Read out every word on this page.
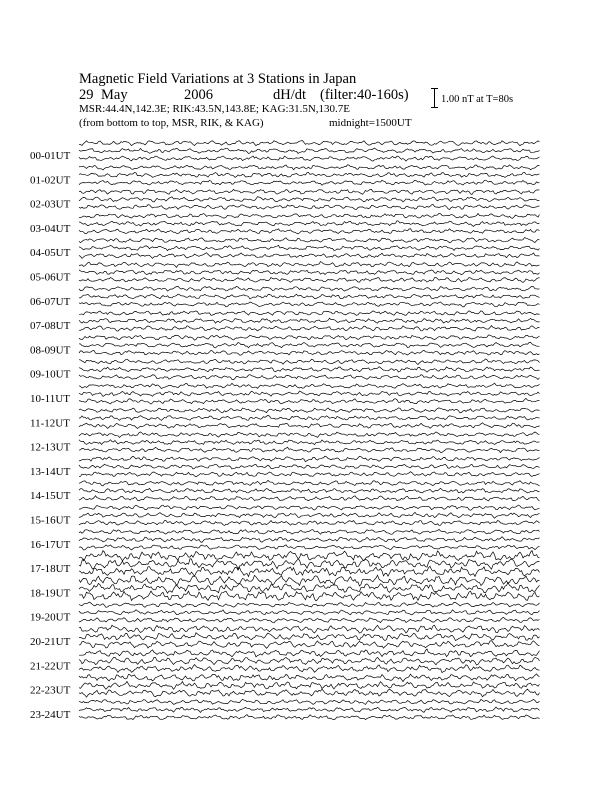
Magnetic Field Variations at 3 Stations in Japan

29

May

	2006

	dH/dt

(filter:40-160s)

MSR:44.4N,142.3E; RIK:43.5N,143.8E; KAG:31.5N,130.7E

(from bottom to top, MSR, RIK, & KAG)

	midnight=1500UT

1.00 nT at T=80s
00-01UT
01-02UT
02-03UT
03-04UT
04-05UT
05-06UT
06-07UT
07-08UT
08-09UT
09-10UT
10-11UT
11-12UT
12-13UT
13-14UT
14-15UT
15-16UT
16-17UT
17-18UT
18-19UT
19-20UT
20-21UT
21-22UT
22-23UT
23-24UT
